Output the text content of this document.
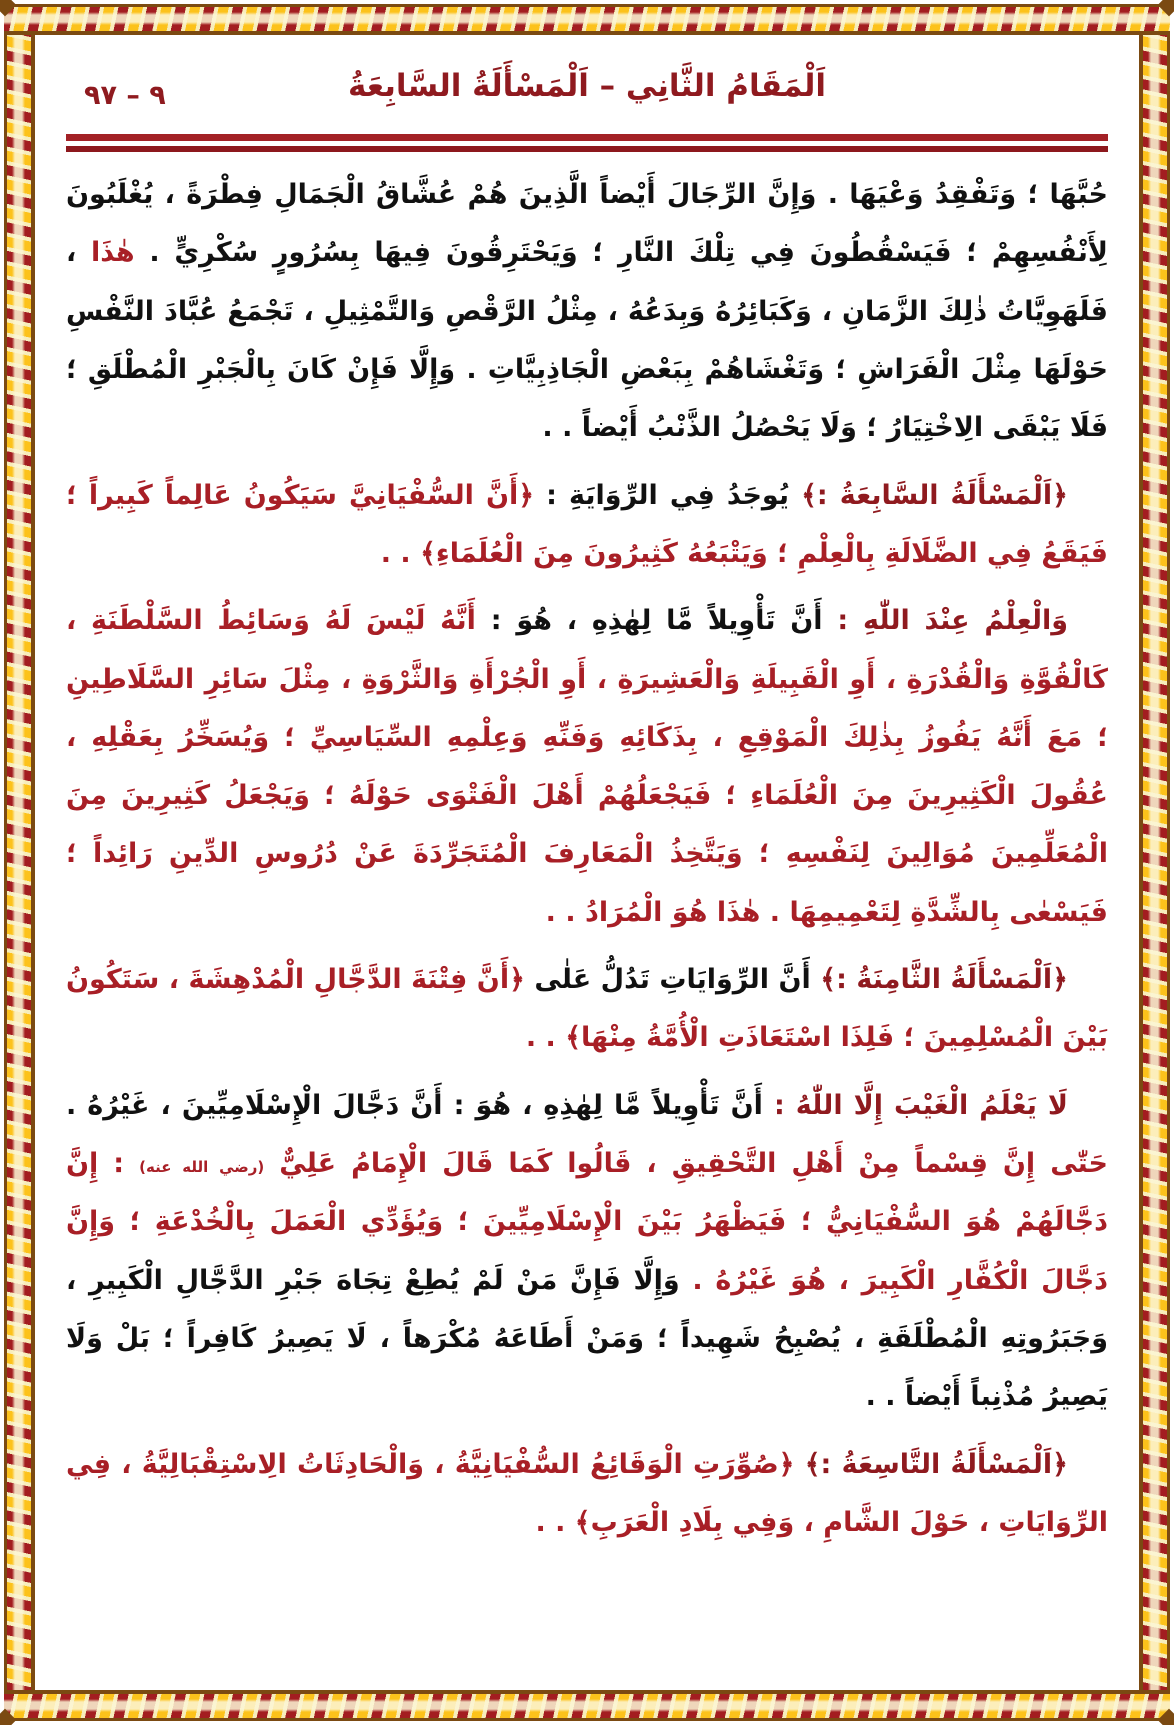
٩ – ٩٧	اَلْمَقَامُ الثَّانِي – اَلْمَسْأَلَةُ السَّابِعَةُ

حُبَّهَا ؛ وَتَفْقِدُ وَعْيَهَا . وَإِنَّ الرِّجَالَ أَيْضاً الَّذِينَ هُمْ عُشَّاقُ الْجَمَالِ فِطْرَةً ، يُغْلَبُونَ لِأَنْفُسِهِمْ ؛ فَيَسْقُطُونَ فِي تِلْكَ النَّارِ ؛ وَيَحْتَرِقُونَ فِيهَا بِسُرُورٍ سُكْرِيٍّ . هٰذَا ، فَلَهَوِيَّاتُ ذٰلِكَ الزَّمَانِ ، وَكَبَائِرُهُ وَبِدَعُهُ ، مِثْلُ الرَّقْصِ وَالتَّمْثِيلِ ، تَجْمَعُ عُبَّادَ النَّفْسِ حَوْلَهَا مِثْلَ الْفَرَاشِ ؛ وَتَغْشَاهُمْ بِبَعْضِ الْجَاذِبِيَّاتِ . وَإِلَّا فَإِنْ كَانَ بِالْجَبْرِ الْمُطْلَقِ ؛ فَلَا يَبْقَى الِاخْتِيَارُ ؛ وَلَا يَحْصُلُ الذَّنْبُ أَيْضاً . .

﴿اَلْمَسْأَلَةُ السَّابِعَةُ :﴾ يُوجَدُ فِي الرِّوَايَةِ : ﴿أَنَّ السُّفْيَانِيَّ سَيَكُونُ عَالِماً كَبِيراً ؛ فَيَقَعُ فِي الضَّلَالَةِ بِالْعِلْمِ ؛ وَيَتْبَعُهُ كَثِيرُونَ مِنَ الْعُلَمَاءِ﴾ . .

وَالْعِلْمُ عِنْدَ اللّٰهِ : أَنَّ تَأْوِيلاً مَّا لِهٰذِهِ ، هُوَ : أَنَّهُ لَيْسَ لَهُ وَسَائِطُ السَّلْطَنَةِ ، كَالْقُوَّةِ وَالْقُدْرَةِ ، أَوِ الْقَبِيلَةِ وَالْعَشِيرَةِ ، أَوِ الْجُرْأَةِ وَالثَّرْوَةِ ، مِثْلَ سَائِرِ السَّلَاطِينِ ؛ مَعَ أَنَّهُ يَفُوزُ بِذٰلِكَ الْمَوْقِعِ ، بِذَكَائِهِ وَفَنِّهِ وَعِلْمِهِ السِّيَاسِيِّ ؛ وَيُسَخِّرُ بِعَقْلِهِ ، عُقُولَ الْكَثِيرِينَ مِنَ الْعُلَمَاءِ ؛ فَيَجْعَلُهُمْ أَهْلَ الْفَتْوَى حَوْلَهُ ؛ وَيَجْعَلُ كَثِيرِينَ مِنَ الْمُعَلِّمِينَ مُوَالِينَ لِنَفْسِهِ ؛ وَيَتَّخِذُ الْمَعَارِفَ الْمُتَجَرِّدَةَ عَنْ دُرُوسِ الدِّينِ رَائِداً ؛ فَيَسْعٰى بِالشِّدَّةِ لِتَعْمِيمِهَا . هٰذَا هُوَ الْمُرَادُ . .

﴿اَلْمَسْأَلَةُ الثَّامِنَةُ :﴾ أَنَّ الرِّوَايَاتِ تَدُلُّ عَلٰى ﴿أَنَّ فِتْنَةَ الدَّجَّالِ الْمُدْهِشَةَ ، سَتَكُونُ بَيْنَ الْمُسْلِمِينَ ؛ فَلِذَا اسْتَعَاذَتِ الْأُمَّةُ مِنْهَا﴾ . .

لَا يَعْلَمُ الْغَيْبَ إِلَّا اللّٰهُ : أَنَّ تَأْوِيلاً مَّا لِهٰذِهِ ، هُوَ : أَنَّ دَجَّالَ الْإِسْلَامِيِّينَ ، غَيْرُهُ . حَتّٰى إِنَّ قِسْماً مِنْ أَهْلِ التَّحْقِيقِ ، قَالُوا كَمَا قَالَ الْإِمَامُ عَلِيٌّ (رضي الله عنه) : إِنَّ دَجَّالَهُمْ هُوَ السُّفْيَانِيُّ ؛ فَيَظْهَرُ بَيْنَ الْإِسْلَامِيِّينَ ؛ وَيُؤَدِّي الْعَمَلَ بِالْخُدْعَةِ ؛ وَإِنَّ دَجَّالَ الْكُفَّارِ الْكَبِيرَ ، هُوَ غَيْرُهُ . وَإِلَّا فَإِنَّ مَنْ لَمْ يُطِعْ تِجَاهَ جَبْرِ الدَّجَّالِ الْكَبِيرِ ، وَجَبَرُوتِهِ الْمُطْلَقَةِ ، يُصْبِحُ شَهِيداً ؛ وَمَنْ أَطَاعَهُ مُكْرَهاً ، لَا يَصِيرُ كَافِراً ؛ بَلْ وَلَا يَصِيرُ مُذْنِباً أَيْضاً . .

﴿اَلْمَسْأَلَةُ التَّاسِعَةُ :﴾ ﴿صُوِّرَتِ الْوَقَائِعُ السُّفْيَانِيَّةُ ، وَالْحَادِثَاتُ الِاسْتِقْبَالِيَّةُ ، فِي الرِّوَايَاتِ ، حَوْلَ الشَّامِ ، وَفِي بِلَادِ الْعَرَبِ﴾ . .
